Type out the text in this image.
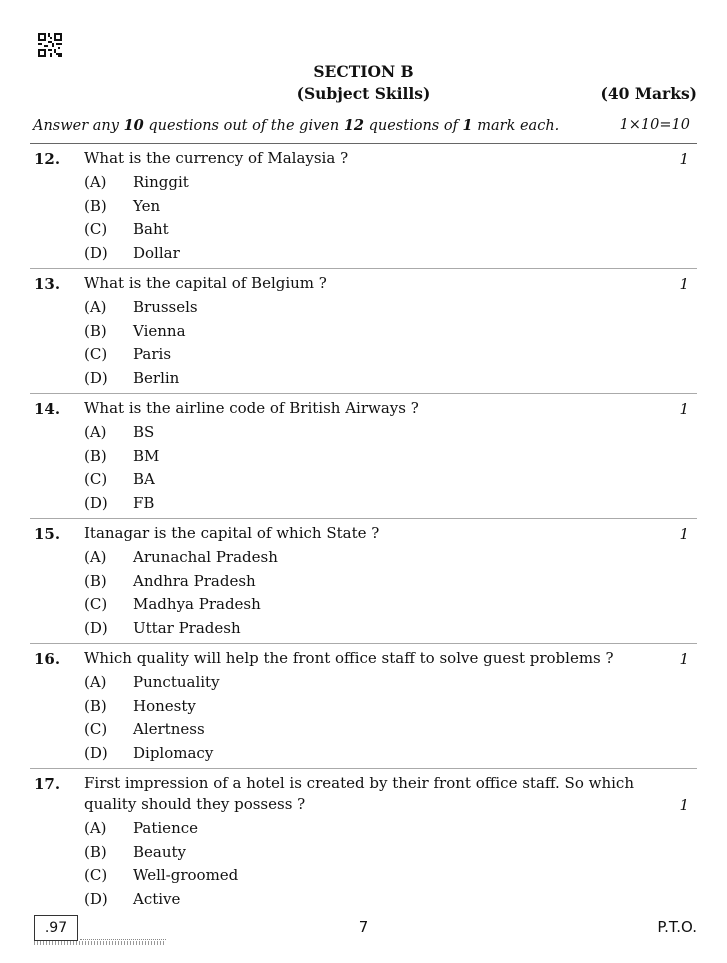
SECTION B
(Subject Skills)	(40 Marks)
Answer any 10 questions out of the given 12 questions of 1 mark each.	1×10=10
12. What is the currency of Malaysia ?	1
(A) Ringgit
(B) Yen
(C) Baht
(D) Dollar
13. What is the capital of Belgium ?	1
(A) Brussels
(B) Vienna
(C) Paris
(D) Berlin
14. What is the airline code of British Airways ?	1
(A) BS
(B) BM
(C) BA
(D) FB
15. Itanagar is the capital of which State ?	1
(A) Arunachal Pradesh
(B) Andhra Pradesh
(C) Madhya Pradesh
(D) Uttar Pradesh
16. Which quality will help the front office staff to solve guest problems ?	1
(A) Punctuality
(B) Honesty
(C) Alertness
(D) Diplomacy
17. First impression of a hotel is created by their front office staff. So which
quality should they possess ?	1
(A) Patience
(B) Beauty
(C) Well-groomed
(D) Active
.97	7	P.T.O.
